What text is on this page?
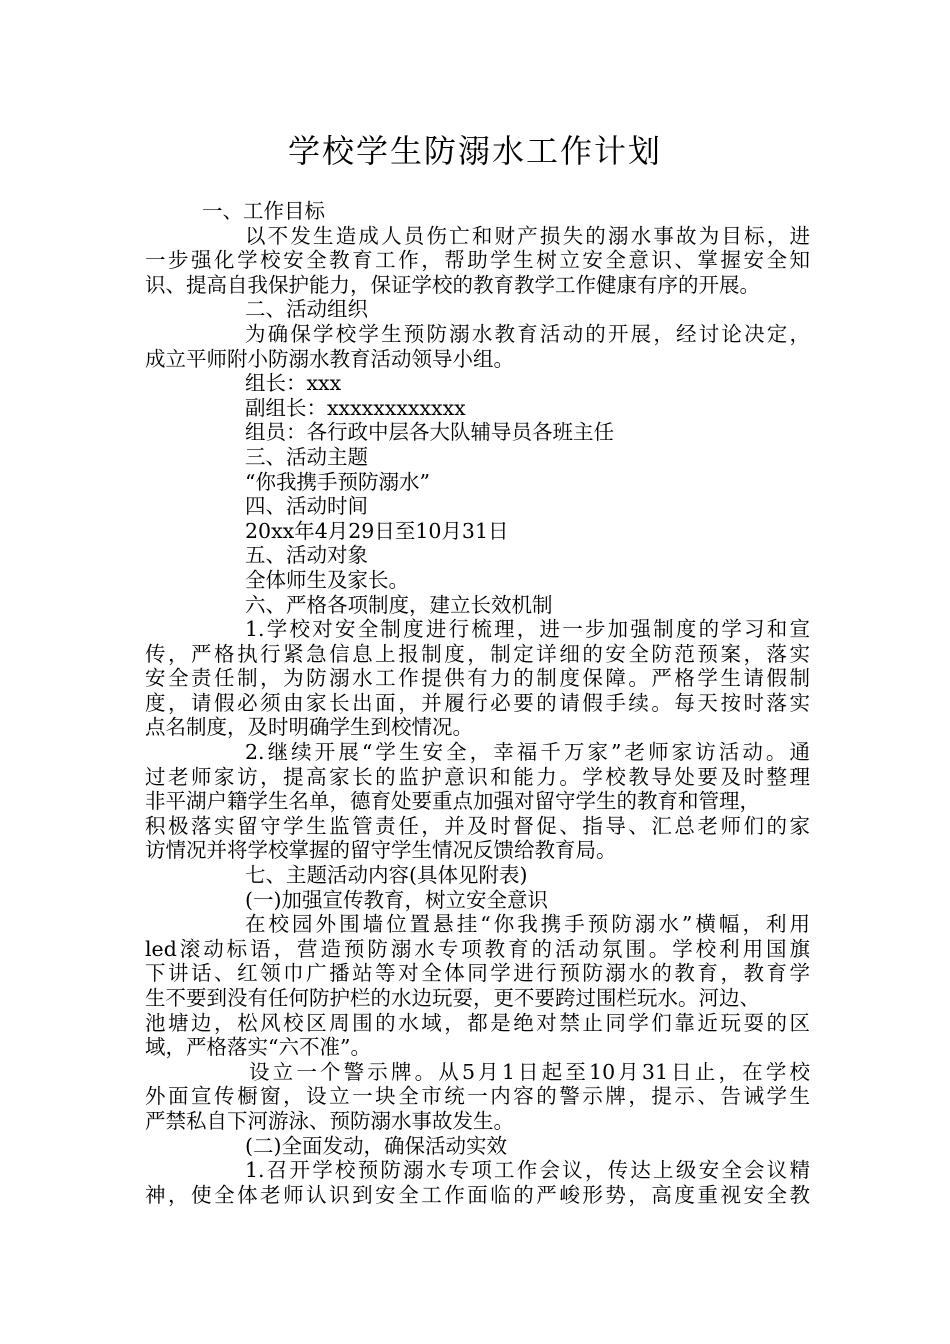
学校学生防溺水工作计划
一、工作目标
以不发生造成人员伤亡和财产损失的溺水事故为目标，进
一步强化学校安全教育工作，帮助学生树立安全意识、掌握安全知
识、提高自我保护能力，保证学校的教育教学工作健康有序的开展。
二、活动组织
为确保学校学生预防溺水教育活动的开展，经讨论决定，
成立平师附小防溺水教育活动领导小组。
组长：xxx
副组长：xxxxxxxxxxxx
组员：各行政中层各大队辅导员各班主任
三、活动主题
“你我携手预防溺水”
四、活动时间
20xx年4月29日至10月31日
五、活动对象
全体师生及家长。
六、严格各项制度，建立长效机制
1.学校对安全制度进行梳理，进一步加强制度的学习和宣
传，严格执行紧急信息上报制度，制定详细的安全防范预案，落实
安全责任制，为防溺水工作提供有力的制度保障。严格学生请假制
度，请假必须由家长出面，并履行必要的请假手续。每天按时落实
点名制度，及时明确学生到校情况。
2.继续开展“学生安全，幸福千万家”老师家访活动。通
过老师家访，提高家长的监护意识和能力。学校教导处要及时整理
非平湖户籍学生名单，德育处要重点加强对留守学生的教育和管理，
积极落实留守学生监管责任，并及时督促、指导、汇总老师们的家
访情况并将学校掌握的留守学生情况反馈给教育局。
七、主题活动内容(具体见附表)
(一)加强宣传教育，树立安全意识
在校园外围墙位置悬挂“你我携手预防溺水”横幅，利用
led滚动标语，营造预防溺水专项教育的活动氛围。学校利用国旗
下讲话、红领巾广播站等对全体同学进行预防溺水的教育，教育学
生不要到没有任何防护栏的水边玩耍，更不要跨过围栏玩水。河边、
池塘边，松风校区周围的水域，都是绝对禁止同学们靠近玩耍的区
域，严格落实“六不准”。
设立一个警示牌。从5月1日起至10月31日止，在学校
外面宣传橱窗，设立一块全市统一内容的警示牌，提示、告诫学生
严禁私自下河游泳、预防溺水事故发生。
(二)全面发动，确保活动实效
1.召开学校预防溺水专项工作会议，传达上级安全会议精
神，使全体老师认识到安全工作面临的严峻形势，高度重视安全教
